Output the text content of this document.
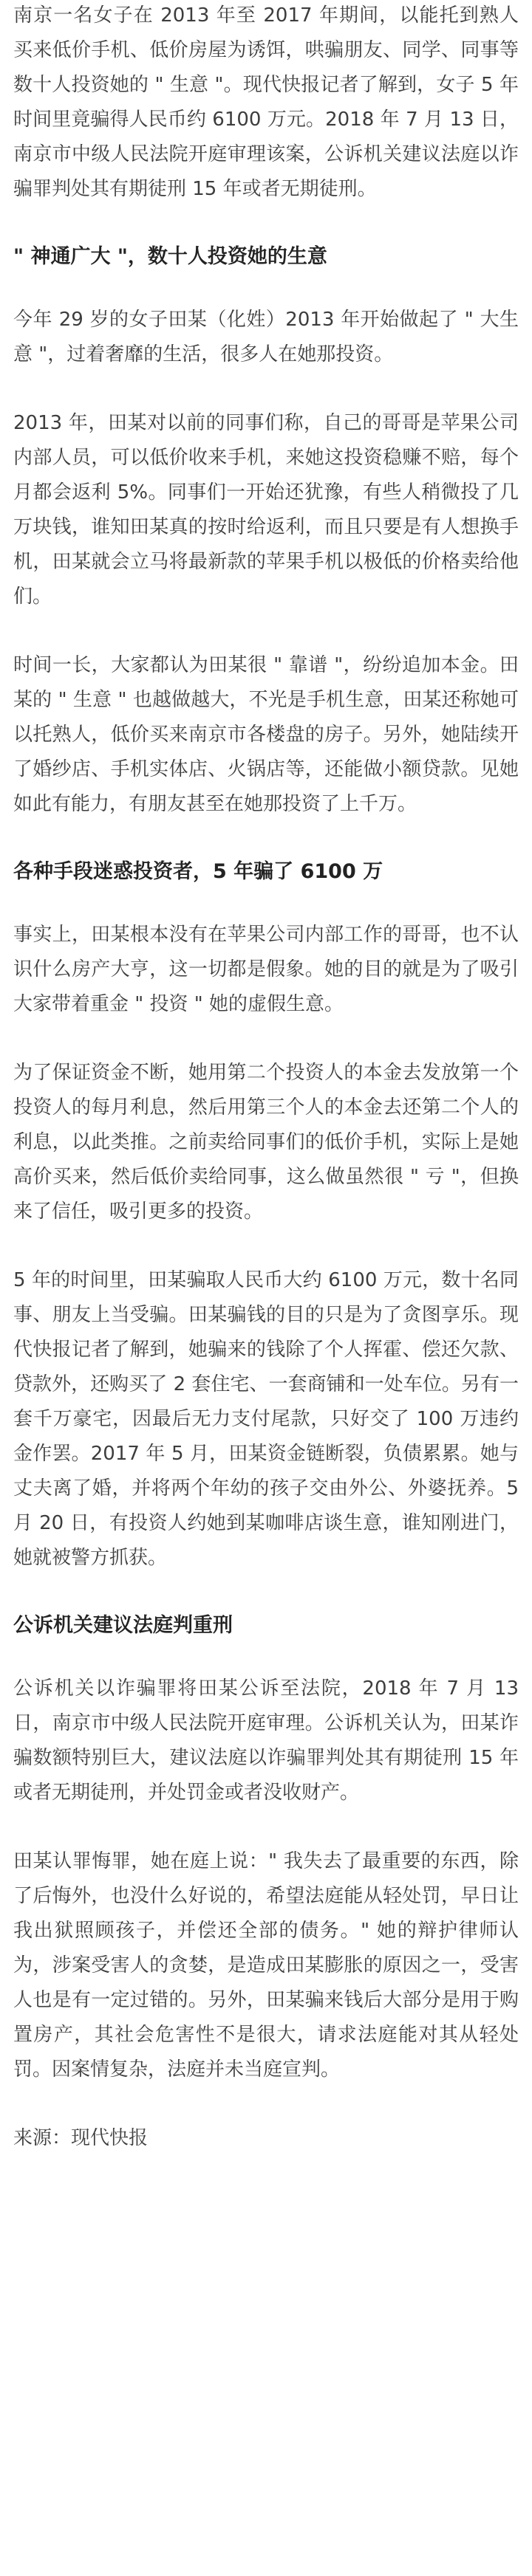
南京一名女子在 2013 年至 2017 年期间，以能托到熟人买来低价手机、低价房屋为诱饵，哄骗朋友、同学、同事等数十人投资她的 " 生意 "。现代快报记者了解到，女子 5 年时间里竟骗得人民币约 6100 万元。2018 年 7 月 13 日，南京市中级人民法院开庭审理该案，公诉机关建议法庭以诈骗罪判处其有期徒刑 15 年或者无期徒刑。

" 神通广大 "，数十人投资她的生意

今年 29 岁的女子田某（化姓）2013 年开始做起了 " 大生意 "，过着奢靡的生活，很多人在她那投资。

2013 年，田某对以前的同事们称，自己的哥哥是苹果公司内部人员，可以低价收来手机，来她这投资稳赚不赔，每个月都会返利 5%。同事们一开始还犹豫，有些人稍微投了几万块钱，谁知田某真的按时给返利，而且只要是有人想换手机，田某就会立马将最新款的苹果手机以极低的价格卖给他们。

时间一长，大家都认为田某很 " 靠谱 "，纷纷追加本金。田某的 " 生意 " 也越做越大，不光是手机生意，田某还称她可以托熟人，低价买来南京市各楼盘的房子。另外，她陆续开了婚纱店、手机实体店、火锅店等，还能做小额贷款。见她如此有能力，有朋友甚至在她那投资了上千万。

各种手段迷惑投资者，5 年骗了 6100 万

事实上，田某根本没有在苹果公司内部工作的哥哥，也不认识什么房产大亨，这一切都是假象。她的目的就是为了吸引大家带着重金 " 投资 " 她的虚假生意。

为了保证资金不断，她用第二个投资人的本金去发放第一个投资人的每月利息，然后用第三个人的本金去还第二个人的利息，以此类推。之前卖给同事们的低价手机，实际上是她高价买来，然后低价卖给同事，这么做虽然很 " 亏 "，但换来了信任，吸引更多的投资。

5 年的时间里，田某骗取人民币大约 6100 万元，数十名同事、朋友上当受骗。田某骗钱的目的只是为了贪图享乐。现代快报记者了解到，她骗来的钱除了个人挥霍、偿还欠款、贷款外，还购买了 2 套住宅、一套商铺和一处车位。另有一套千万豪宅，因最后无力支付尾款，只好交了 100 万违约金作罢。2017 年 5 月，田某资金链断裂，负债累累。她与丈夫离了婚，并将两个年幼的孩子交由外公、外婆抚养。5 月 20 日，有投资人约她到某咖啡店谈生意，谁知刚进门，她就被警方抓获。

公诉机关建议法庭判重刑

公诉机关以诈骗罪将田某公诉至法院，2018 年 7 月 13 日，南京市中级人民法院开庭审理。公诉机关认为，田某诈骗数额特别巨大，建议法庭以诈骗罪判处其有期徒刑 15 年或者无期徒刑，并处罚金或者没收财产。

田某认罪悔罪，她在庭上说：" 我失去了最重要的东西，除了后悔外，也没什么好说的，希望法庭能从轻处罚，早日让我出狱照顾孩子，并偿还全部的债务。" 她的辩护律师认为，涉案受害人的贪婪，是造成田某膨胀的原因之一，受害人也是有一定过错的。另外，田某骗来钱后大部分是用于购置房产，其社会危害性不是很大，请求法庭能对其从轻处罚。因案情复杂，法庭并未当庭宣判。

来源：现代快报
